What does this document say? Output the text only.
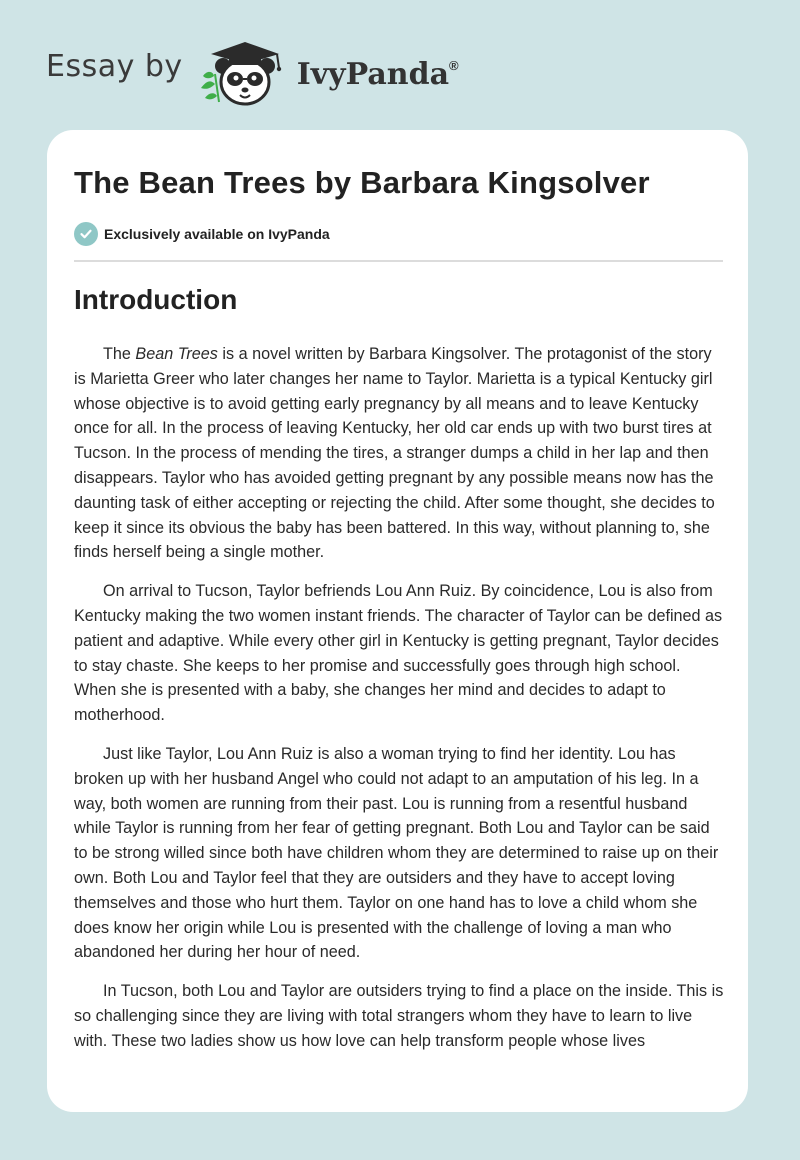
Essay by	IvyPanda®
The Bean Trees by Barbara Kingsolver
Exclusively available on IvyPanda
Introduction

The Bean Trees is a novel written by Barbara Kingsolver. The protagonist of the story is Marietta Greer who later changes her name to Taylor. Marietta is a typical Kentucky girl whose objective is to avoid getting early pregnancy by all means and to leave Kentucky once for all. In the process of leaving Kentucky, her old car ends up with two burst tires at Tucson. In the process of mending the tires, a stranger dumps a child in her lap and then disappears. Taylor who has avoided getting pregnant by any possible means now has the daunting task of either accepting or rejecting the child. After some thought, she decides to keep it since its obvious the baby has been battered. In this way, without planning to, she finds herself being a single mother.

On arrival to Tucson, Taylor befriends Lou Ann Ruiz. By coincidence, Lou is also from Kentucky making the two women instant friends. The character of Taylor can be defined as patient and adaptive. While every other girl in Kentucky is getting pregnant, Taylor decides to stay chaste. She keeps to her promise and successfully goes through high school. When she is presented with a baby, she changes her mind and decides to adapt to motherhood.

Just like Taylor, Lou Ann Ruiz is also a woman trying to find her identity. Lou has broken up with her husband Angel who could not adapt to an amputation of his leg. In a way, both women are running from their past. Lou is running from a resentful husband while Taylor is running from her fear of getting pregnant. Both Lou and Taylor can be said to be strong willed since both have children whom they are determined to raise up on their own. Both Lou and Taylor feel that they are outsiders and they have to accept loving themselves and those who hurt them. Taylor on one hand has to love a child whom she does know her origin while Lou is presented with the challenge of loving a man who abandoned her during her hour of need.

In Tucson, both Lou and Taylor are outsiders trying to find a place on the inside. This is so challenging since they are living with total strangers whom they have to learn to live with. These two ladies show us how love can help transform people whose lives
